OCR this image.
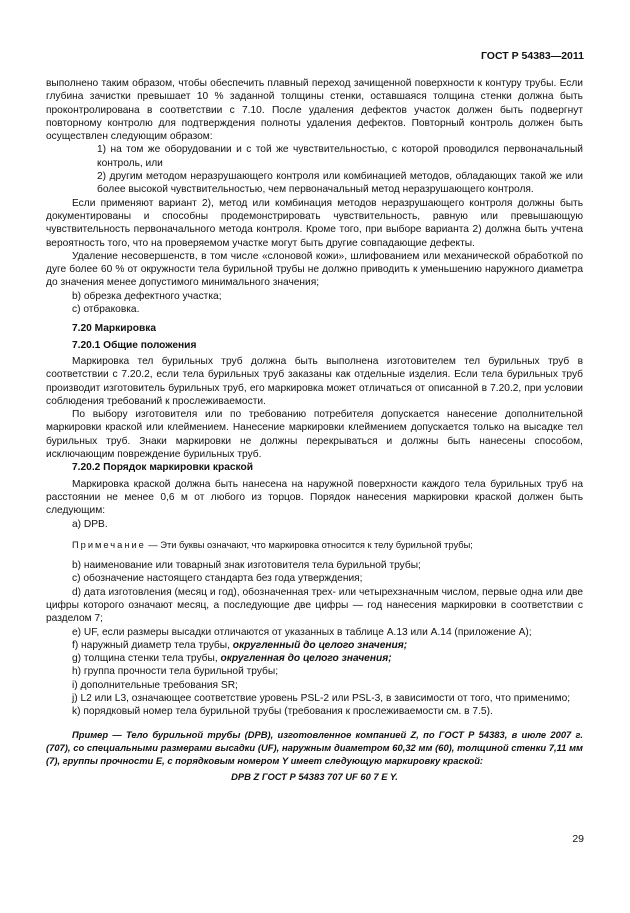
ГОСТ Р 54383—2011

выполнено таким образом, чтобы обеспечить плавный переход зачищенной поверхности к контуру трубы. Если глубина зачистки превышает 10 % заданной толщины стенки, оставшаяся толщина стенки должна быть проконтролирована в соответствии с 7.10. После удаления дефектов участок должен быть подвергнут повторному контролю для подтверждения полноты удаления дефектов. Повторный контроль должен быть осуществлен следующим образом:

1) на том же оборудовании и с той же чувствительностью, с которой проводился первоначальный контроль, или

2) другим методом неразрушающего контроля или комбинацией методов, обладающих такой же или более высокой чувствительностью, чем первоначальный метод неразрушающего контроля.

Если применяют вариант 2), метод или комбинация методов неразрушающего контроля должны быть документированы и способны продемонстрировать чувствительность, равную или превышающую чувствительность первоначального метода контроля. Кроме того, при выборе варианта 2) должна быть учтена вероятность того, что на проверяемом участке могут быть другие совпадающие дефекты.

Удаление несовершенств, в том числе «слоновой кожи», шлифованием или механической обработкой по дуге более 60 % от окружности тела бурильной трубы не должно приводить к уменьшению наружного диаметра до значения менее допустимого минимального значения;

b) обрезка дефектного участка;

c) отбраковка.

7.20 Маркировка

7.20.1 Общие положения

Маркировка тел бурильных труб должна быть выполнена изготовителем тел бурильных труб в соответствии с 7.20.2, если тела бурильных труб заказаны как отдельные изделия. Если тела бурильных труб производит изготовитель бурильных труб, его маркировка может отличаться от описанной в 7.20.2, при условии соблюдения требований к прослеживаемости.

По выбору изготовителя или по требованию потребителя допускается нанесение дополнительной маркировки краской или клеймением. Нанесение маркировки клеймением допускается только на высадке тел бурильных труб. Знаки маркировки не должны перекрываться и должны быть нанесены способом, исключающим повреждение бурильных труб.

7.20.2 Порядок маркировки краской

Маркировка краской должна быть нанесена на наружной поверхности каждого тела бурильных труб на расстоянии не менее 0,6 м от любого из торцов. Порядок нанесения маркировки краской должен быть следующим:

a) DPB.

Примечание — Эти буквы означают, что маркировка относится к телу бурильной трубы;

b) наименование или товарный знак изготовителя тела бурильной трубы;

c) обозначение настоящего стандарта без года утверждения;

d) дата изготовления (месяц и год), обозначенная трех- или четырехзначным числом, первые одна или две цифры которого означают месяц, а последующие две цифры — год нанесения маркировки в соответствии с разделом 7;

e) UF, если размеры высадки отличаются от указанных в таблице А.13 или А.14 (приложение А);

f) наружный диаметр тела трубы, округленный до целого значения;

g) толщина стенки тела трубы, округленная до целого значения;

h) группа прочности тела бурильной трубы;

i) дополнительные требования SR;

j) L2 или L3, означающее соответствие уровень PSL-2 или PSL-3, в зависимости от того, что применимо;

k) порядковый номер тела бурильной трубы (требования к прослеживаемости см. в 7.5).

Пример — Тело бурильной трубы (DPB), изготовленное компанией Z, по ГОСТ Р 54383, в июле 2007 г. (707), со специальными размерами высадки (UF), наружным диаметром 60,32 мм (60), толщиной стенки 7,11 мм (7), группы прочности E, с порядковым номером Y имеет следующую маркировку краской:

DPB Z ГОСТ Р 54383 707 UF 60 7 E Y.

29
